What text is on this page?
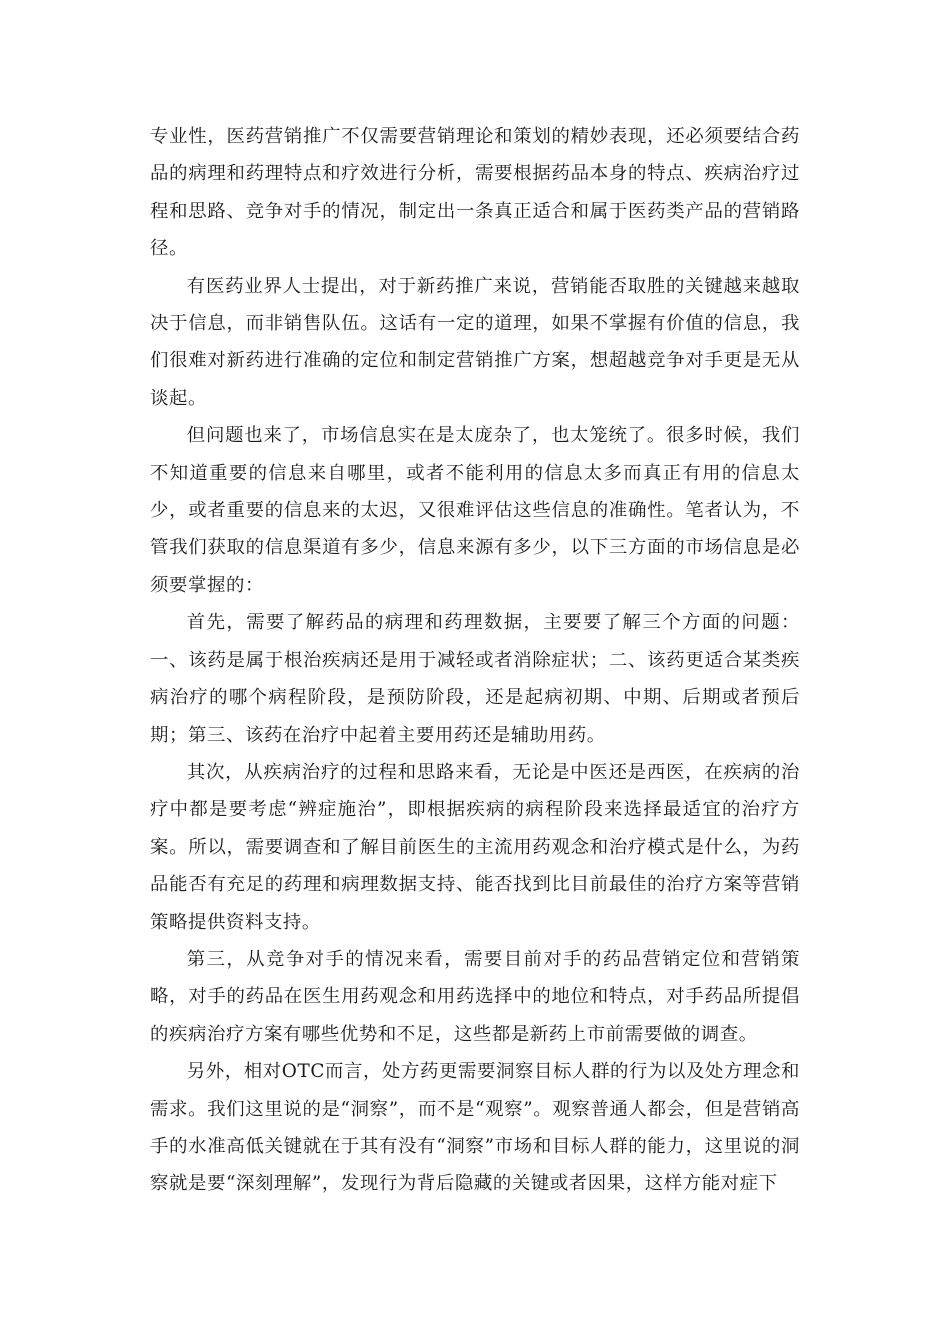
专业性，医药营销推广不仅需要营销理论和策划的精妙表现，还必须要结合药品的病理和药理特点和疗效进行分析，需要根据药品本身的特点、疾病治疗过程和思路、竞争对手的情况，制定出一条真正适合和属于医药类产品的营销路径。

有医药业界人士提出，对于新药推广来说，营销能否取胜的关键越来越取决于信息，而非销售队伍。这话有一定的道理，如果不掌握有价值的信息，我们很难对新药进行准确的定位和制定营销推广方案，想超越竞争对手更是无从谈起。

但问题也来了，市场信息实在是太庞杂了，也太笼统了。很多时候，我们不知道重要的信息来自哪里，或者不能利用的信息太多而真正有用的信息太少，或者重要的信息来的太迟，又很难评估这些信息的准确性。笔者认为，不管我们获取的信息渠道有多少，信息来源有多少，以下三方面的市场信息是必须要掌握的：

首先，需要了解药品的病理和药理数据，主要要了解三个方面的问题：一、该药是属于根治疾病还是用于减轻或者消除症状；二、该药更适合某类疾病治疗的哪个病程阶段，是预防阶段，还是起病初期、中期、后期或者预后期；第三、该药在治疗中起着主要用药还是辅助用药。

其次，从疾病治疗的过程和思路来看，无论是中医还是西医，在疾病的治疗中都是要考虑“辨症施治”，即根据疾病的病程阶段来选择最适宜的治疗方案。所以，需要调查和了解目前医生的主流用药观念和治疗模式是什么，为药品能否有充足的药理和病理数据支持、能否找到比目前最佳的治疗方案等营销策略提供资料支持。

第三，从竞争对手的情况来看，需要目前对手的药品营销定位和营销策略，对手的药品在医生用药观念和用药选择中的地位和特点，对手药品所提倡的疾病治疗方案有哪些优势和不足，这些都是新药上市前需要做的调查。

另外，相对OTC而言，处方药更需要洞察目标人群的行为以及处方理念和需求。我们这里说的是“洞察”，而不是“观察”。观察普通人都会，但是营销高手的水准高低关键就在于其有没有“洞察”市场和目标人群的能力，这里说的洞察就是要“深刻理解”，发现行为背后隐藏的关键或者因果，这样方能对症下
